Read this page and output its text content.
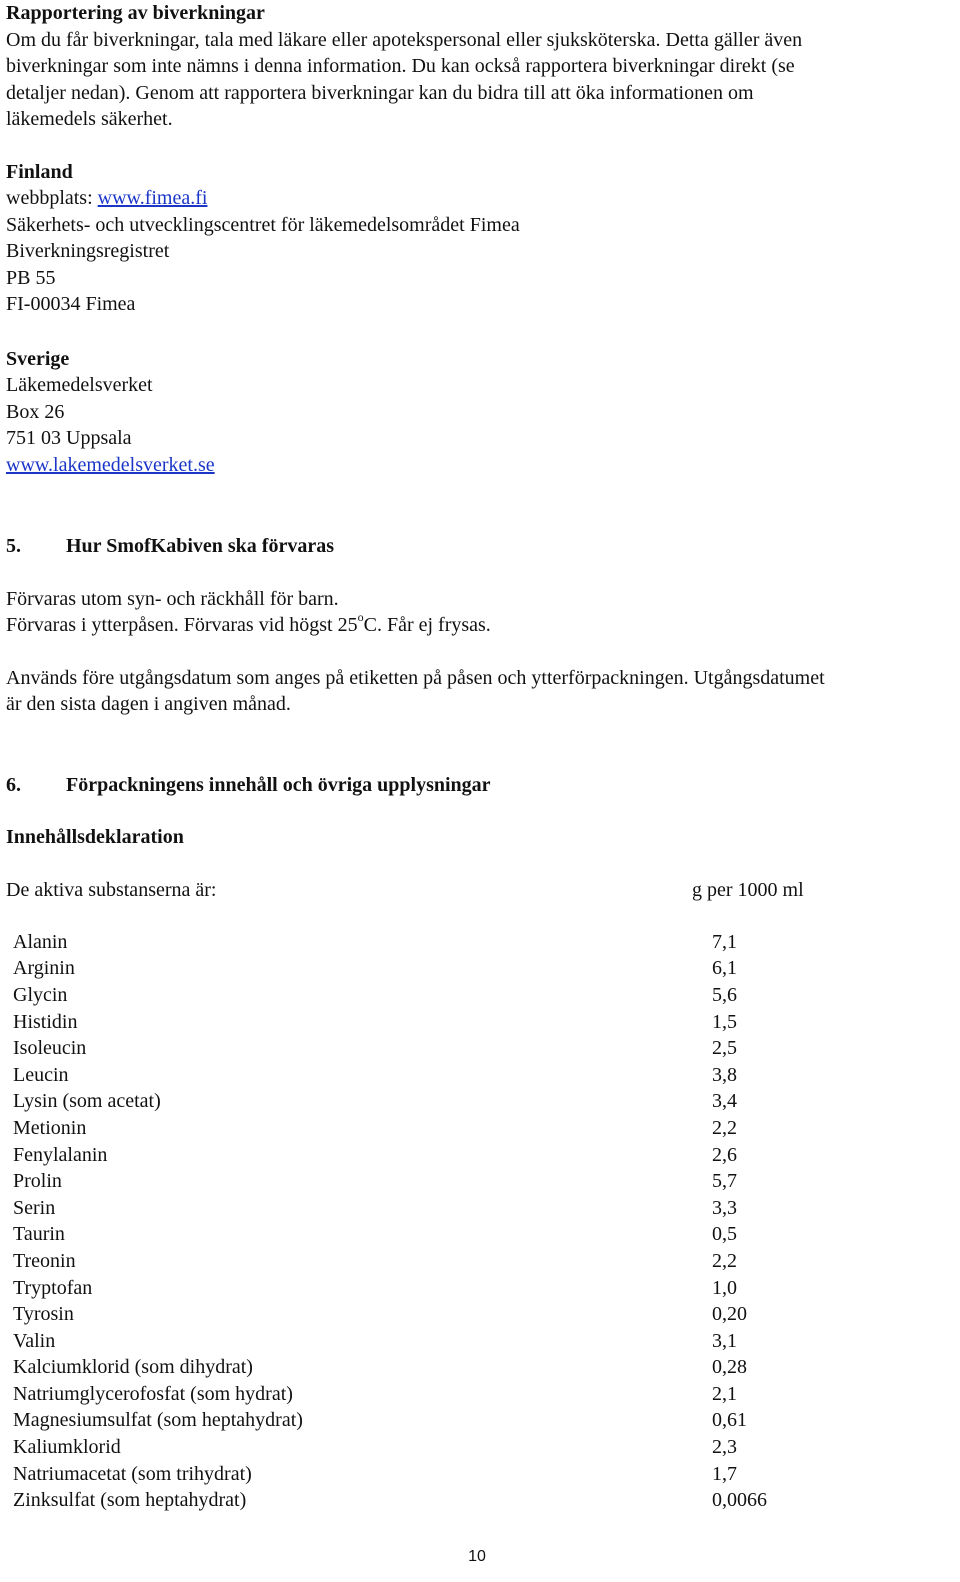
Rapportering av biverkningar

Om du får biverkningar, tala med läkare eller apotekspersonal eller sjuksköterska. Detta gäller även

biverkningar som inte nämns i denna information. Du kan också rapportera biverkningar direkt (se

detaljer nedan). Genom att rapportera biverkningar kan du bidra till att öka informationen om

läkemedels säkerhet.

Finland

webbplats: www.fimea.fi

Säkerhets- och utvecklingscentret för läkemedelsområdet Fimea

Biverkningsregistret

PB 55

FI-00034 Fimea

Sverige

Läkemedelsverket

Box 26

751 03 Uppsala

www.lakemedelsverket.se

5.	Hur SmofKabiven ska förvaras

Förvaras utom syn- och räckhåll för barn.

Förvaras i ytterpåsen. Förvaras vid högst 25$^o$C. Får ej frysas.

Används före utgångsdatum som anges på etiketten på påsen och ytterförpackningen. Utgångsdatumet

är den sista dagen i angiven månad.

6.	Förpackningens innehåll och övriga upplysningar

Innehållsdeklaration

De aktiva substanserna är:	g per 1000 ml
Alanin	7,1
Arginin	6,1
Glycin	5,6
Histidin	1,5
Isoleucin	2,5
Leucin	3,8
Lysin (som acetat)	3,4
Metionin	2,2
Fenylalanin	2,6
Prolin	5,7
Serin	3,3
Taurin	0,5
Treonin	2,2
Tryptofan	1,0
Tyrosin	0,20
Valin	3,1
Kalciumklorid (som dihydrat)	0,28
Natriumglycerofosfat (som hydrat)	2,1
Magnesiumsulfat (som heptahydrat)	0,61
Kaliumklorid	2,3
Natriumacetat (som trihydrat)	1,7
Zinksulfat (som heptahydrat)	0,0066
10
